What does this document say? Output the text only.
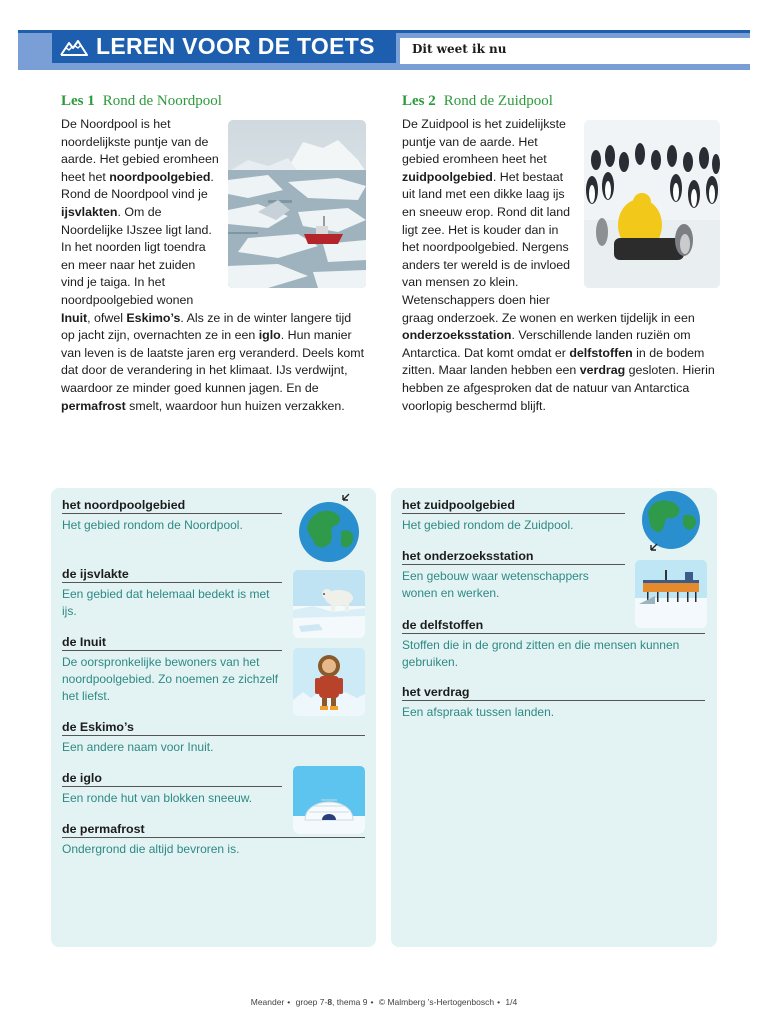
LEREN VOOR DE TOETS	Dit weet ik nu
Les 1 Rond de Noordpool

De Noordpool is het noordelijkste puntje van de aarde. Het gebied eromheen heet het noordpoolgebied. Rond de Noordpool vind je ijsvlakten. Om de Noordelijke IJszee ligt land. In het noorden ligt toendra en meer naar het zuiden vind je taiga. In het noordpoolgebied wonen Inuit, ofwel Eskimo’s. Als ze in de winter langere tijd op jacht zijn, overnachten ze in een iglo. Hun manier van leven is de laatste jaren erg veranderd. Deels komt dat door de verandering in het klimaat. IJs verdwijnt, waardoor ze minder goed kunnen jagen. En de permafrost smelt, waardoor hun huizen verzakken.

Les 2 Rond de Zuidpool

De Zuidpool is het zuidelijkste puntje van de aarde. Het gebied eromheen heet het zuidpoolgebied. Het bestaat uit land met een dikke laag ijs en sneeuw erop. Rond dit land ligt zee. Het is kouder dan in het noordpoolgebied. Nergens anders ter wereld is de invloed van mensen zo klein. Wetenschappers doen hier graag onderzoek. Ze wonen en werken tijdelijk in een onderzoeksstation. Verschillende landen ruziën om Antarctica. Dat komt omdat er delfstoffen in de bodem zitten. Maar landen hebben een verdrag gesloten. Hierin hebben ze afgesproken dat de natuur van Antarctica voorlopig beschermd blijft.

het noordpoolgebied
Het gebied rondom de Noordpool.
de ijsvlakte
Een gebied dat helemaal bedekt is met ijs.
de Inuit
De oorspronkelijke bewoners van het noordpoolgebied. Zo noemen ze zichzelf het liefst.
de Eskimo’s
Een andere naam voor Inuit.
de iglo
Een ronde hut van blokken sneeuw.
de permafrost
Ondergrond die altijd bevroren is.
het zuidpoolgebied
Het gebied rondom de Zuidpool.
het onderzoeksstation
Een gebouw waar wetenschappers wonen en werken.
de delfstoffen
Stoffen die in de grond zitten en die mensen kunnen gebruiken.
het verdrag
Een afspraak tussen landen.
Meander • groep 7-8, thema 9 • © Malmberg ’s-Hertogenbosch • 1/4
